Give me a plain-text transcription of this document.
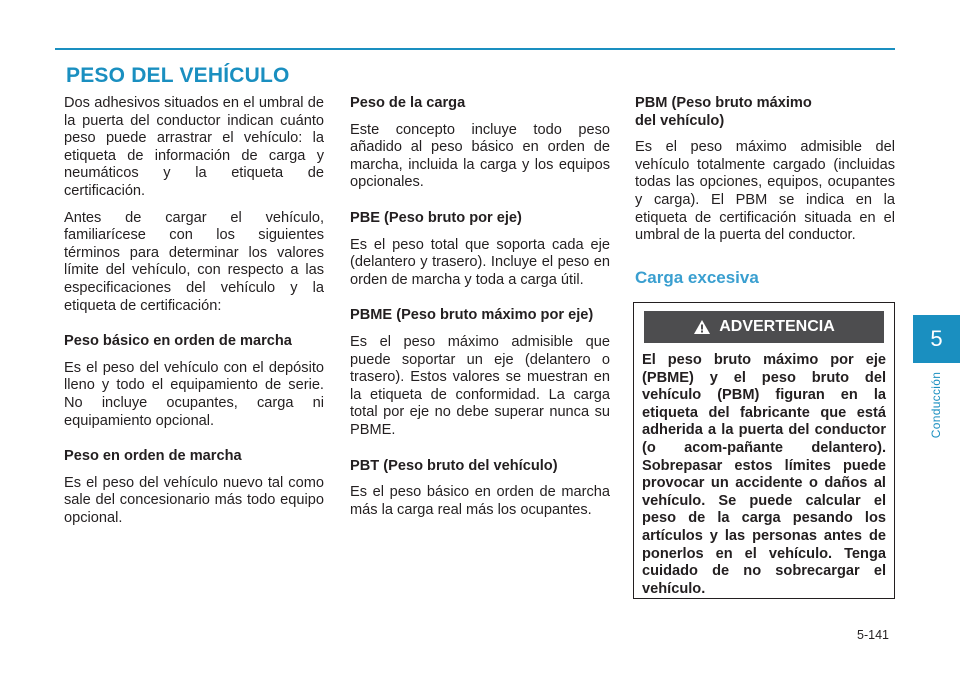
PESO DEL VEHÍCULO

Dos adhesivos situados en el umbral de la puerta del conductor indican cuánto peso puede arrastrar el vehículo: la etiqueta de información de carga y neumáticos y la etiqueta de certificación.

Antes de cargar el vehículo, familiarícese con los siguientes términos para determinar los valores límite del vehículo, con respecto a las especificaciones del vehículo y la etiqueta de certificación:

Peso básico en orden de marcha

Es el peso del vehículo con el depósito lleno y todo el equipamiento de serie. No incluye ocupantes, carga ni equipamiento opcional.

Peso en orden de marcha

Es el peso del vehículo nuevo tal como sale del concesionario más todo equipo opcional.

Peso de la carga

Este concepto incluye todo peso añadido al peso básico en orden de marcha, incluida la carga y los equipos opcionales.

PBE (Peso bruto por eje)

Es el peso total que soporta cada eje (delantero y trasero). Incluye el peso en orden de marcha y toda a carga útil.

PBME (Peso bruto máximo por eje)

Es el peso máximo admisible que puede soportar un eje (delantero o trasero). Estos valores se muestran en la etiqueta de conformidad. La carga total por eje no debe superar nunca su PBME.

PBT (Peso bruto del vehículo)

Es el peso básico en orden de marcha más la carga real más los ocupantes.

PBM (Peso bruto máximo
del vehículo)

Es el peso máximo admisible del vehículo totalmente cargado (incluidas todas las opciones, equipos, ocupantes y carga). El PBM se indica en la etiqueta de certificación situada en el umbral de la puerta del conductor.

Carga excesiva
ADVERTENCIA

El peso bruto máximo por eje (PBME) y el peso bruto del vehículo (PBM) figuran en la etiqueta del fabricante que está adherida a la puerta del conductor (o acom-pañante delantero). Sobrepasar estos límites puede provocar un accidente o daños al vehículo. Se puede calcular el peso de la carga pesando los artículos y las personas antes de ponerlos en el vehículo. Tenga cuidado de no sobrecargar el vehículo.

5
Conducción
5-141
